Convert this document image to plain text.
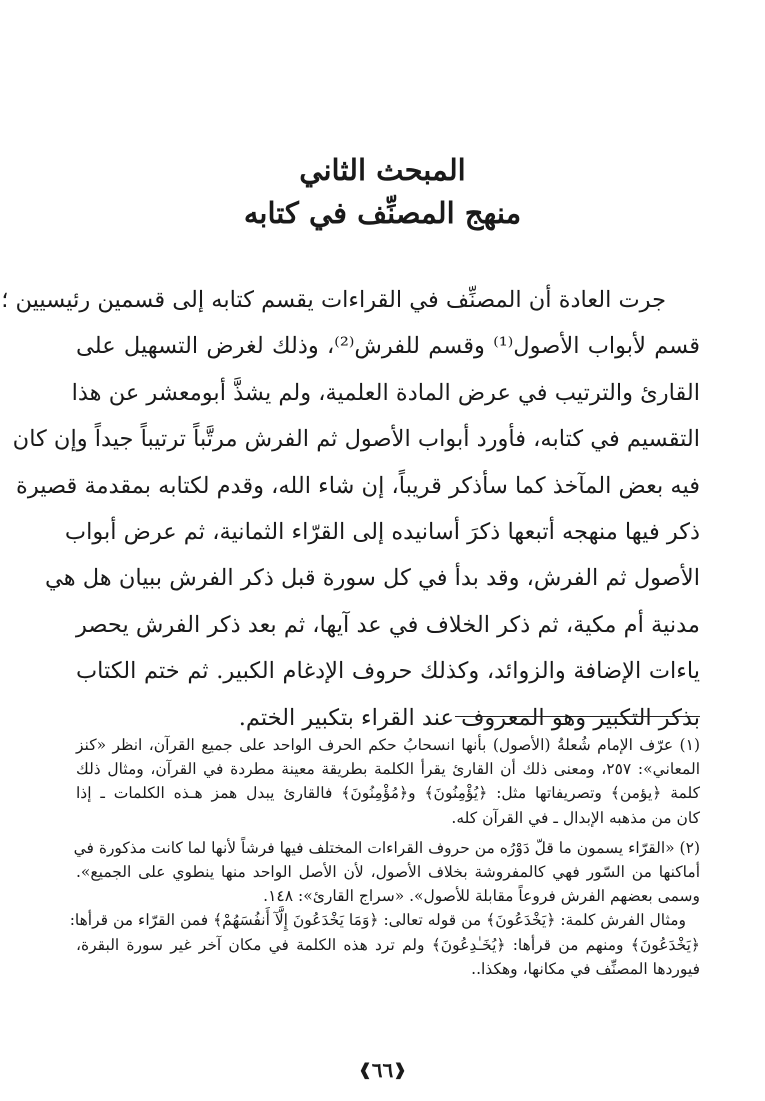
المبحث الثاني
منهج المصنِّف في كتابه
جرت العادة أن المصنِّف في القراءات يقسم كتابه إلى قسمين رئيسيين ؛
قسم لأبواب الأصول⁽¹⁾ وقسم للفرش⁽²⁾، وذلك لغرض التسهيل على
القارئ والترتيب في عرض المادة العلمية، ولم يشذَّ أبومعشر عن هذا
التقسيم في كتابه، فأورد أبواب الأصول ثم الفرش مرتَّباً ترتيباً جيداً وإن كان
فيه بعض المآخذ كما سأذكر قريباً، إن شاء الله، وقدم لكتابه بمقدمة قصيرة
ذكر فيها منهجه أتبعها ذكرَ أسانيده إلى القرّاء الثمانية، ثم عرض أبواب
الأصول ثم الفرش، وقد بدأ في كل سورة قبل ذكر الفرش ببيان هل هي
مدنية أم مكية، ثم ذكر الخلاف في عد آيها، ثم بعد ذكر الفرش يحصر
ياءات الإضافة والزوائد، وكذلك حروف الإدغام الكبير. ثم ختم الكتاب
بذكر التكبير وهو المعروف عند القراء بتكبير الختم.
(١) عرّف الإمام شُعلةُ (الأصول) بأنها انسحابُ حكم الحرف الواحد على جميع القرآن، انظر «كنز
المعاني»: ٢٥٧، ومعنى ذلك أن القارئ يقرأ الكلمة بطريقة معينة مطردة في القرآن، ومثال ذلك
كلمة ﴿يؤمن﴾ وتصريفاتها مثل: ﴿يُؤْمِنُونَ﴾ و﴿مُؤْمِنُونَ﴾ فالقارئ يبدل همز هـذه الكلمات ـ إذا
كان من مذهبه الإبدال ـ في القرآن كله.
(٢) «القرّاء يسمون ما قلّ دَوْرُه من حروف القراءات المختلف فيها فرشاً لأنها لما كانت مذكورة في
أماكنها من السّور فهي كالمفروشة بخلاف الأصول، لأن الأصل الواحد منها ينطوي على الجميع».
وسمى بعضهم الفرش فروعاً مقابلة للأصول». «سراج القارئ»: ١٤٨.
ومثال الفرش كلمة: ﴿يَخْدَعُونَ﴾ من قوله تعالى: ﴿وَمَا يَخْدَعُونَ إِلَّآ أَنفُسَهُمْ﴾ فمن القرّاء من قرأها:
﴿يَخْدَعُونَ﴾ ومنهم من قرأها: ﴿يُخَـٰدِعُونَ﴾ ولم ترد هذه الكلمة في مكان آخر غير سورة البقرة،
فيوردها المصنِّف في مكانها، وهكذا..
❰٦٦❱
